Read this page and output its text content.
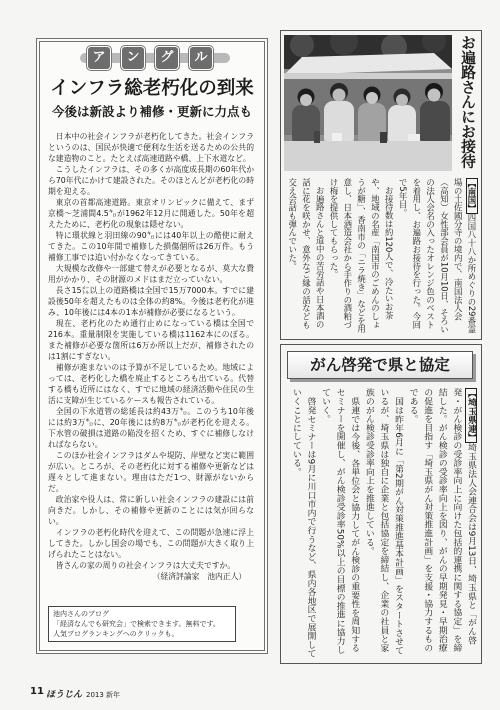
ア	ン	グ	ル
インフラ総老朽化の到来
今後は新設より補修・更新に力点も

日本中の社会インフラが老朽化してきた。社会インフラというのは、国民が快適で便利な生活を送るための公共的な建造物のこと。たとえば高速道路や橋、上下水道など。

こうしたインフラは、その多くが高度成長期の60年代から70年代にかけて建設された。そのほとんどが老朽化の時期を迎える。

東京の首都高速道路。東京オリンピックに備えて、まず京橋～芝浦間4.5㌔が1962年12月に開通した。50年を超えたために、老朽化の現象は隠せない。

特に環状線と羽田線の90㌔には40年以上の酷使に耐えてきた。この10年間で補修した損傷個所は26万件。もう補修工事では追い付かなくなってきている。

大規模な改修や一部建て替えが必要となるが、莫大な費用がかかり、その財源のメドはまだ立っていない。

長さ15㍍以上の道路橋は全国で15万7000本。すでに建設後50年を超えたものは全体の約8%。今後は老朽化が進み、10年後には4本の1本が補修が必要になるという。

現在、老朽化のため通行止めになっている橋は全国で216本。重量制限を実施している橋は1162本にのぼる。また補修が必要な箇所は6万か所以上だが、補修されたのは1割にすぎない。

補修が進まないのは予算が不足しているため。地域によっては、老朽化した橋を廃止するところも出ている。代替する橋も近所にはなく、すでに地域の経済活動や住民の生活に支障が生じているケースも報告されている。

全国の下水道管の総延長は約43万㌔。このうち10年後には約3万㌔に、20年後には約8万㌔が老朽化を迎える。下水管の破損は道路の陥没を招くため、すぐに補修しなければならない。

このほか社会インフラはダムや堤防、岸壁など実に範囲が広い。ところが、その老朽化に対する補修や更新などは遅々として進まない。理由はただ1つ、財源がないからだ。

政治家や役人は、常に新しい社会インフラの建設には前向きだ。しかし、その補修や更新のことには気が回らない。

インフラの老朽化時代を迎えて、この問題が急速に浮上してきた。しかし国会の場でも、この問題が大きく取り上げられたことはない。

皆さんの家の周りの社会インフラは大丈夫ですか。

（経済評論家　池内正人）

池内さんのブログ
「経済なんでも研究会」で検索できます。無料です。
人気ブログランキングへのクリックも。
お遍路さんにお接待

【南国】四国八十八か所めぐりの29番霊場の土佐國分寺の境内で、南国法人会（高知）女性部会員が10月10日、そろいの法人会名の入ったオレンジ色のベストを着用し、お遍路お接待を行った。今回で5年目。

お接待数は約120人で、冷たいお茶や、地域の名産「南国市のごめんのしょうが糖」、香南市の「ニラ焼き」などを用意し、日本酒造会社から手作りの酒粕づけ梅を提供してもらった。

お遍路さんと道中の苦労話や日本酒の話に花を咲かせ、意外なご縁の話なども交え会話も弾んでいた。

がん啓発で県と協定

【埼玉県連】埼玉県法人会連合会は9月13日、埼玉県と「がん啓発・がん検診の受診率向上に向けた包括的連携に関する協定」を締結した。がん検診の受診率向上を図り、がんの早期発見・早期治療の促進を目指す「埼玉県がん対策推進計画」を支援・協力するものである。

国は昨年6月に「第2期がん対策推進基本計画」をスタートさせているが、埼玉県は独自に企業と包括協定を締結し、企業の社員と家族のがん検診受診率向上を推進している。

県連では今後、各単位会と協力してがん検診の重要性を周知するセミナーを開催し、がん検診受診率50%以上の目標の推進に協力していく。

啓発セミナーは9月に川口市内で行うなど、県内各地区で展開していくことにしている。

11 ほうじん 2013 新年
